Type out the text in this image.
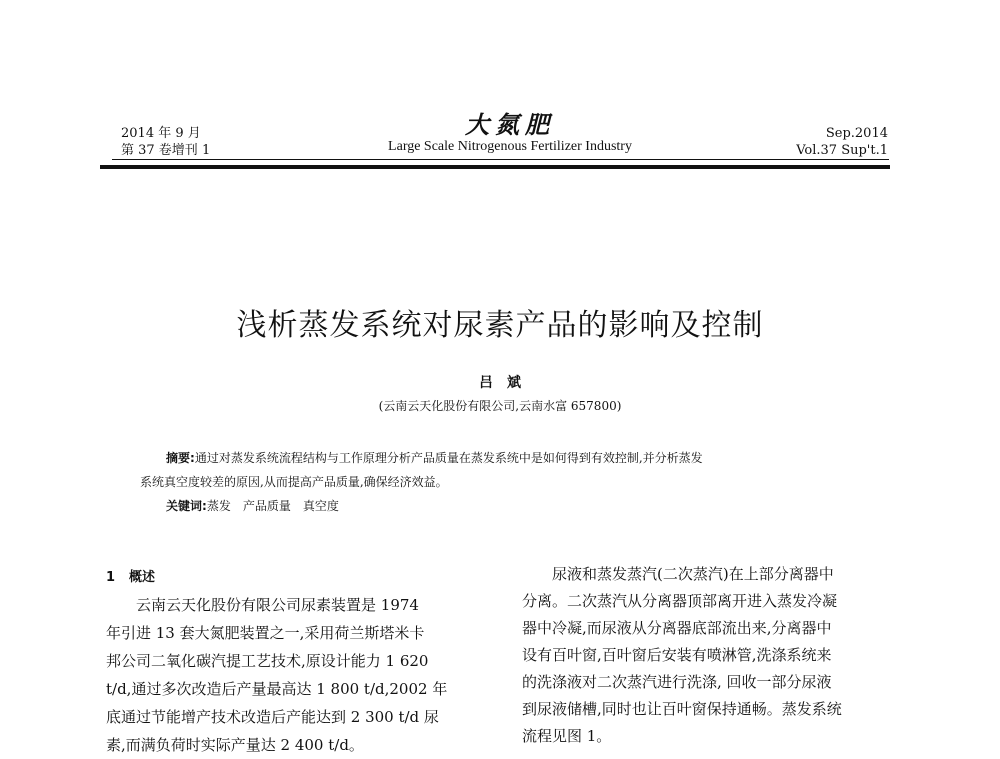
2014 年 9 月
第 37 卷增刊 1
大氮肥
Large Scale Nitrogenous Fertilizer Industry
Sep.2014
Vol.37 Sup't.1
浅析蒸发系统对尿素产品的影响及控制
吕斌
(云南云天化股份有限公司,云南水富 657800)
摘要:通过对蒸发系统流程结构与工作原理分析产品质量在蒸发系统中是如何得到有效控制,并分析蒸发
系统真空度较差的原因,从而提高产品质量,确保经济效益。
关键词:蒸发 产品质量 真空度
1 概述
云南云天化股份有限公司尿素装置是 1974
年引进 13 套大氮肥装置之一,采用荷兰斯塔米卡
邦公司二氧化碳汽提工艺技术,原设计能力 1 620
t/d,通过多次改造后产量最高达 1 800 t/d,2002 年
底通过节能增产技术改造后产能达到 2 300 t/d 尿
素,而满负荷时实际产量达 2 400 t/d。
尿液和蒸发蒸汽(二次蒸汽)在上部分离器中
分离。二次蒸汽从分离器顶部离开进入蒸发冷凝
器中冷凝,而尿液从分离器底部流出来,分离器中
设有百叶窗,百叶窗后安装有喷淋管,洗涤系统来
的洗涤液对二次蒸汽进行洗涤, 回收一部分尿液
到尿液储槽,同时也让百叶窗保持通畅。蒸发系统
流程见图 1。
